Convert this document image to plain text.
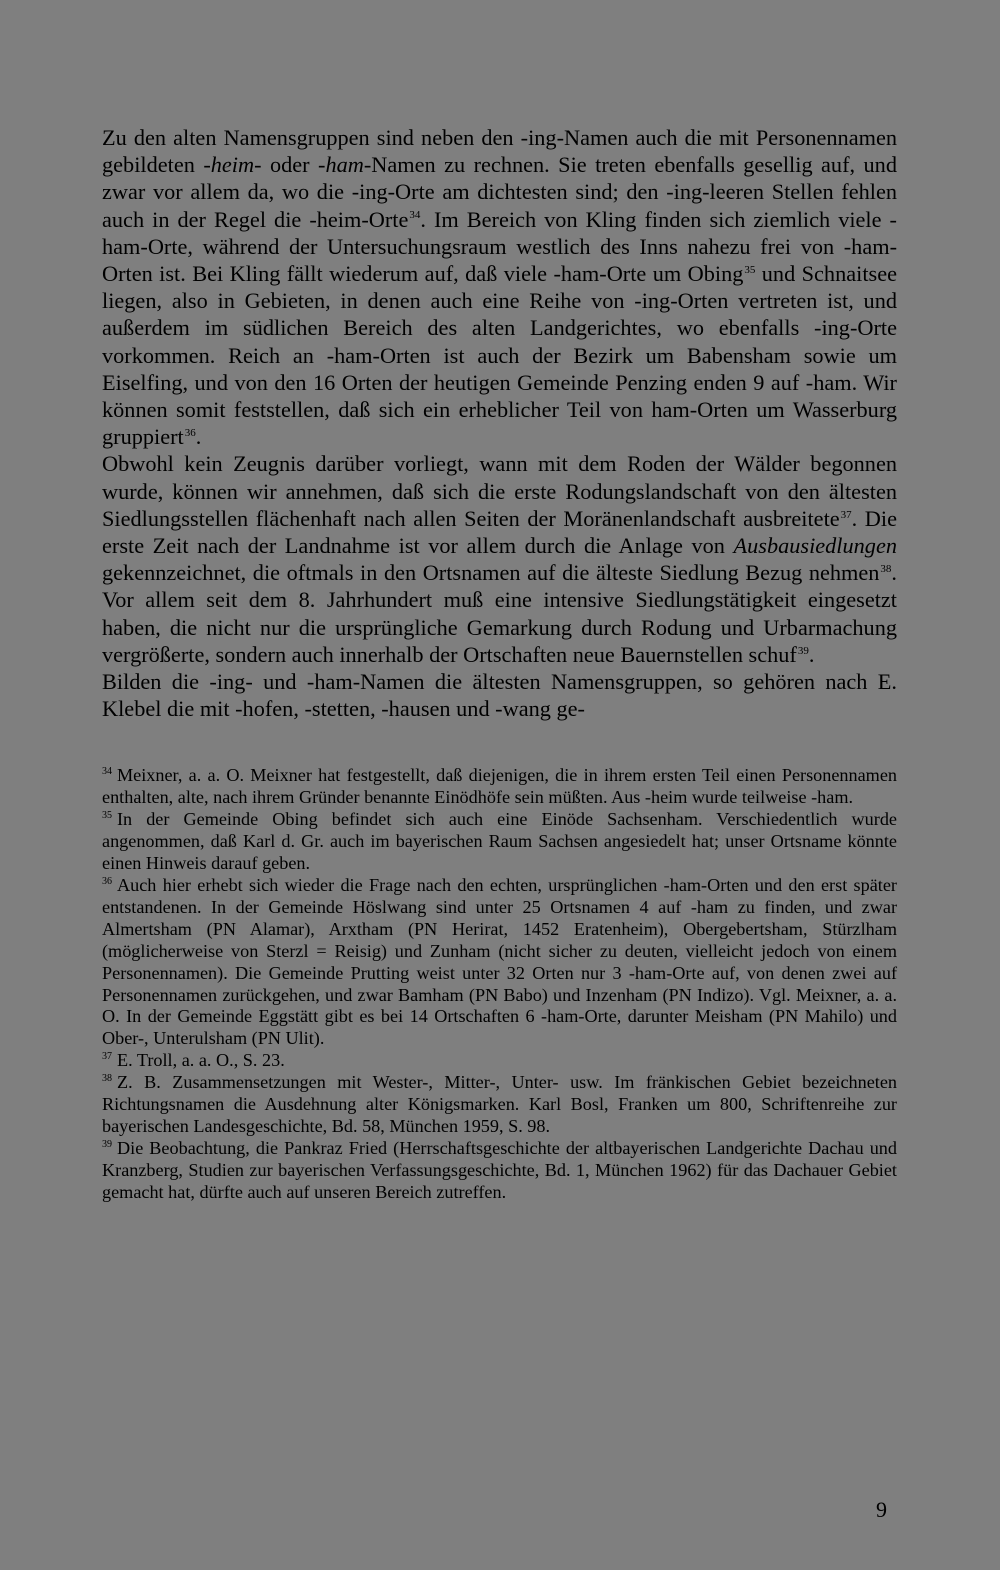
Zu den alten Namensgruppen sind neben den -ing-Namen auch die mit Personennamen gebildeten -heim- oder -ham-Namen zu rechnen. Sie treten ebenfalls gesellig auf, und zwar vor allem da, wo die -ing-Orte am dichtesten sind; den -ing-leeren Stellen fehlen auch in der Regel die -heim-Orte$^{34}$. Im Bereich von Kling finden sich ziemlich viele -ham-Orte, während der Untersuchungsraum westlich des Inns nahezu frei von -ham-Orten ist. Bei Kling fällt wiederum auf, daß viele -ham-Orte um Obing$^{35}$ und Schnaitsee liegen, also in Gebieten, in denen auch eine Reihe von -ing-Orten vertreten ist, und außerdem im südlichen Bereich des alten Landgerichtes, wo ebenfalls -ing-Orte vorkommen. Reich an -ham-Orten ist auch der Bezirk um Babensham sowie um Eiselfing, und von den 16 Orten der heutigen Gemeinde Penzing enden 9 auf -ham. Wir können somit feststellen, daß sich ein erheblicher Teil von ham-Orten um Wasserburg gruppiert$^{36}$.

Obwohl kein Zeugnis darüber vorliegt, wann mit dem Roden der Wälder begonnen wurde, können wir annehmen, daß sich die erste Rodungslandschaft von den ältesten Siedlungsstellen flächenhaft nach allen Seiten der Moränenlandschaft ausbreitete$^{37}$. Die erste Zeit nach der Landnahme ist vor allem durch die Anlage von Ausbausiedlungen gekennzeichnet, die oftmals in den Ortsnamen auf die älteste Siedlung Bezug nehmen$^{38}$. Vor allem seit dem 8. Jahrhundert muß eine intensive Siedlungstätigkeit eingesetzt haben, die nicht nur die ursprüngliche Gemarkung durch Rodung und Urbarmachung vergrößerte, sondern auch innerhalb der Ortschaften neue Bauernstellen schuf$^{39}$.

Bilden die -ing- und -ham-Namen die ältesten Namensgruppen, so gehören nach E. Klebel die mit -hofen, -stetten, -hausen und -wang ge-

$^{34}$ Meixner, a. a. O. Meixner hat festgestellt, daß diejenigen, die in ihrem ersten Teil einen Personennamen enthalten, alte, nach ihrem Gründer benannte Einödhöfe sein müßten. Aus -heim wurde teilweise -ham.

$^{35}$ In der Gemeinde Obing befindet sich auch eine Einöde Sachsenham. Verschiedentlich wurde angenommen, daß Karl d. Gr. auch im bayerischen Raum Sachsen angesiedelt hat; unser Ortsname könnte einen Hinweis darauf geben.

$^{36}$ Auch hier erhebt sich wieder die Frage nach den echten, ursprünglichen -ham-Orten und den erst später entstandenen. In der Gemeinde Höslwang sind unter 25 Ortsnamen 4 auf -ham zu finden, und zwar Almertsham (PN Alamar), Arxtham (PN Herirat, 1452 Eratenheim), Obergebertsham, Stürzlham (möglicherweise von Sterzl = Reisig) und Zunham (nicht sicher zu deuten, vielleicht jedoch von einem Personennamen). Die Gemeinde Prutting weist unter 32 Orten nur 3 -ham-Orte auf, von denen zwei auf Personennamen zurückgehen, und zwar Bamham (PN Babo) und Inzenham (PN Indizo). Vgl. Meixner, a. a. O. In der Gemeinde Eggstätt gibt es bei 14 Ortschaften 6 -ham-Orte, darunter Meisham (PN Mahilo) und Ober-, Unterulsham (PN Ulit).

$^{37}$ E. Troll, a. a. O., S. 23.

$^{38}$ Z. B. Zusammensetzungen mit Wester-, Mitter-, Unter- usw. Im fränkischen Gebiet bezeichneten Richtungsnamen die Ausdehnung alter Königsmarken. Karl Bosl, Franken um 800, Schriftenreihe zur bayerischen Landesgeschichte, Bd. 58, München 1959, S. 98.

$^{39}$ Die Beobachtung, die Pankraz Fried (Herrschaftsgeschichte der altbayerischen Landgerichte Dachau und Kranzberg, Studien zur bayerischen Verfassungsgeschichte, Bd. 1, München 1962) für das Dachauer Gebiet gemacht hat, dürfte auch auf unseren Bereich zutreffen.

9
